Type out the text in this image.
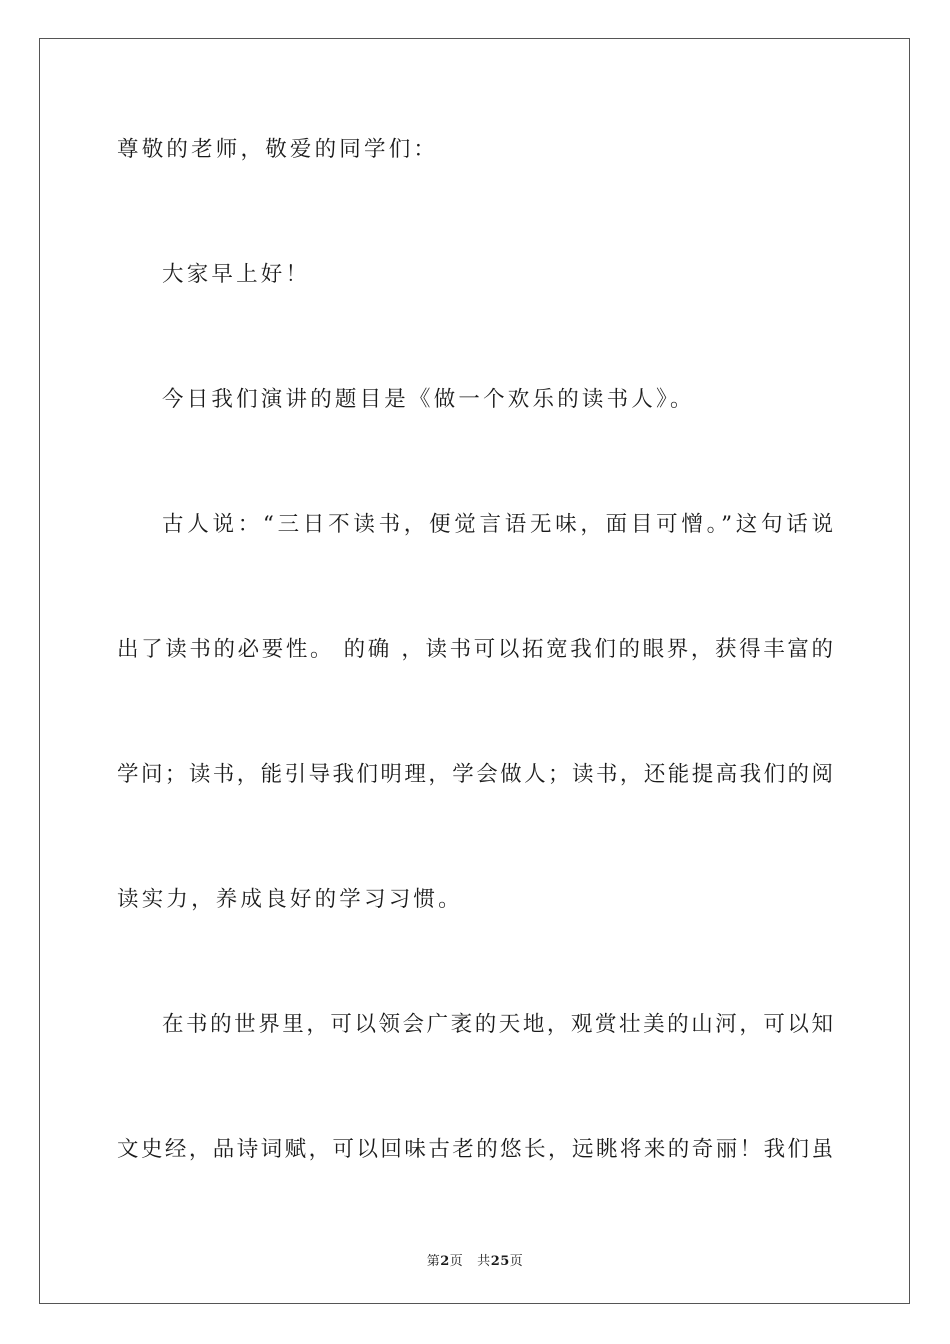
尊敬的老师，敬爱的同学们：
大家早上好！
今日我们演讲的题目是《做一个欢乐的读书人》。
古人说：“三日不读书，便觉言语无味，面目可憎。”这句话说
出了读书的必要性。 的确 ，读书可以拓宽我们的眼界，获得丰富的
学问；读书，能引导我们明理，学会做人；读书，还能提高我们的阅
读实力，养成良好的学习习惯。
在书的世界里，可以领会广袤的天地，观赏壮美的山河，可以知
文史经，品诗词赋，可以回味古老的悠长，远眺将来的奇丽！我们虽
第2页 共25页
